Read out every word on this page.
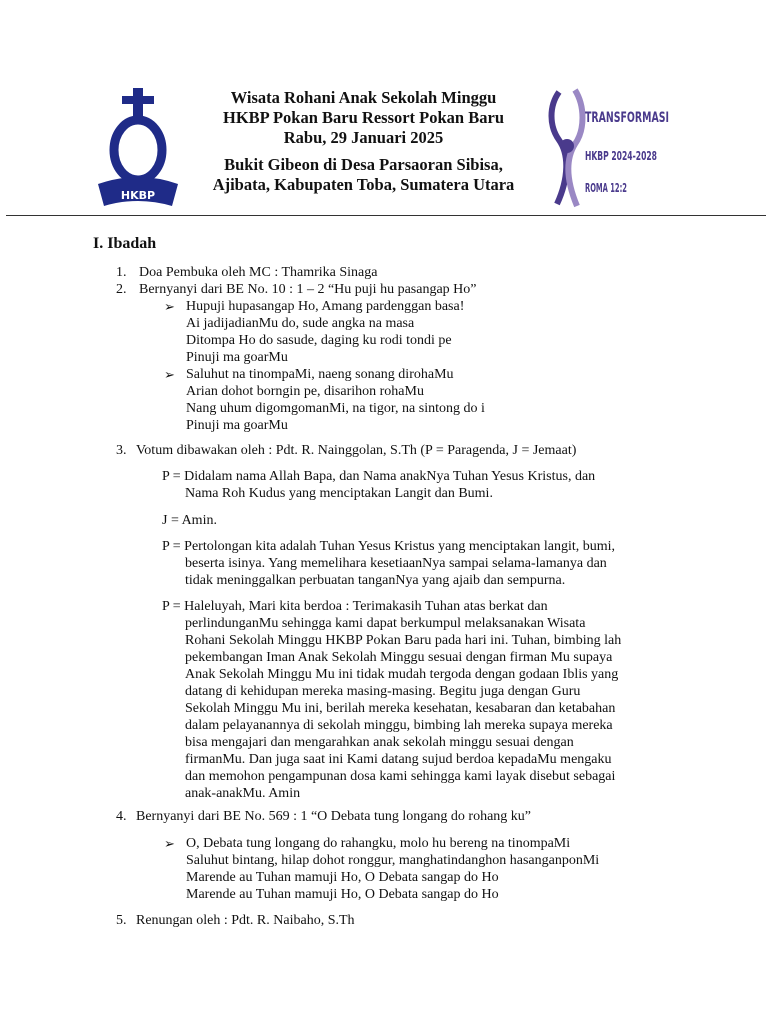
HKBP
Wisata Rohani Anak Sekolah Minggu
HKBP Pokan Baru Ressort Pokan Baru
Rabu, 29 Januari 2025
Bukit Gibeon di Desa Parsaoran Sibisa,
Ajibata, Kabupaten Toba, Sumatera Utara
TRANSFORMASI
HKBP 2024-2028
ROMA 12:2
I. Ibadah
1. Doa Pembuka oleh MC : Thamrika Sinaga
2. Bernyanyi dari BE No. 10 : 1 – 2 “Hu puji hu pasangap Ho”
➢ Hupuji hupasangap Ho, Amang pardenggan basa!
Ai jadijadianMu do, sude angka na masa
Ditompa Ho do sasude, daging ku rodi tondi pe
Pinuji ma goarMu
➢ Saluhut na tinompaMi, naeng sonang dirohaMu
Arian dohot borngin pe, disarihon rohaMu
Nang uhum digomgomanMi, na tigor, na sintong do i
Pinuji ma goarMu
3. Votum dibawakan oleh : Pdt. R. Nainggolan, S.Th (P = Paragenda, J = Jemaat)
P = Didalam nama Allah Bapa, dan Nama anakNya Tuhan Yesus Kristus, dan
Nama Roh Kudus yang menciptakan Langit dan Bumi.
J = Amin.
P = Pertolongan kita adalah Tuhan Yesus Kristus yang menciptakan langit, bumi,
beserta isinya. Yang memelihara kesetiaanNya sampai selama-lamanya dan
tidak meninggalkan perbuatan tanganNya yang ajaib dan sempurna.
P = Haleluyah, Mari kita berdoa : Terimakasih Tuhan atas berkat dan
perlindunganMu sehingga kami dapat berkumpul melaksanakan Wisata
Rohani Sekolah Minggu HKBP Pokan Baru pada hari ini. Tuhan, bimbing lah
pekembangan Iman Anak Sekolah Minggu sesuai dengan firman Mu supaya
Anak Sekolah Minggu Mu ini tidak mudah tergoda dengan godaan Iblis yang
datang di kehidupan mereka masing-masing. Begitu juga dengan Guru
Sekolah Minggu Mu ini, berilah mereka kesehatan, kesabaran dan ketabahan
dalam pelayanannya di sekolah minggu, bimbing lah mereka supaya mereka
bisa mengajari dan mengarahkan anak sekolah minggu sesuai dengan
firmanMu. Dan juga saat ini Kami datang sujud berdoa kepadaMu mengaku
dan memohon pengampunan dosa kami sehingga kami layak disebut sebagai
anak-anakMu. Amin
4. Bernyanyi dari BE No. 569 : 1 “O Debata tung longang do rohang ku”
➢ O, Debata tung longang do rahangku, molo hu bereng na tinompaMi
Saluhut bintang, hilap dohot ronggur, manghatindanghon hasanganponMi
Marende au Tuhan mamuji Ho, O Debata sangap do Ho
Marende au Tuhan mamuji Ho, O Debata sangap do Ho
5. Renungan oleh : Pdt. R. Naibaho, S.Th
